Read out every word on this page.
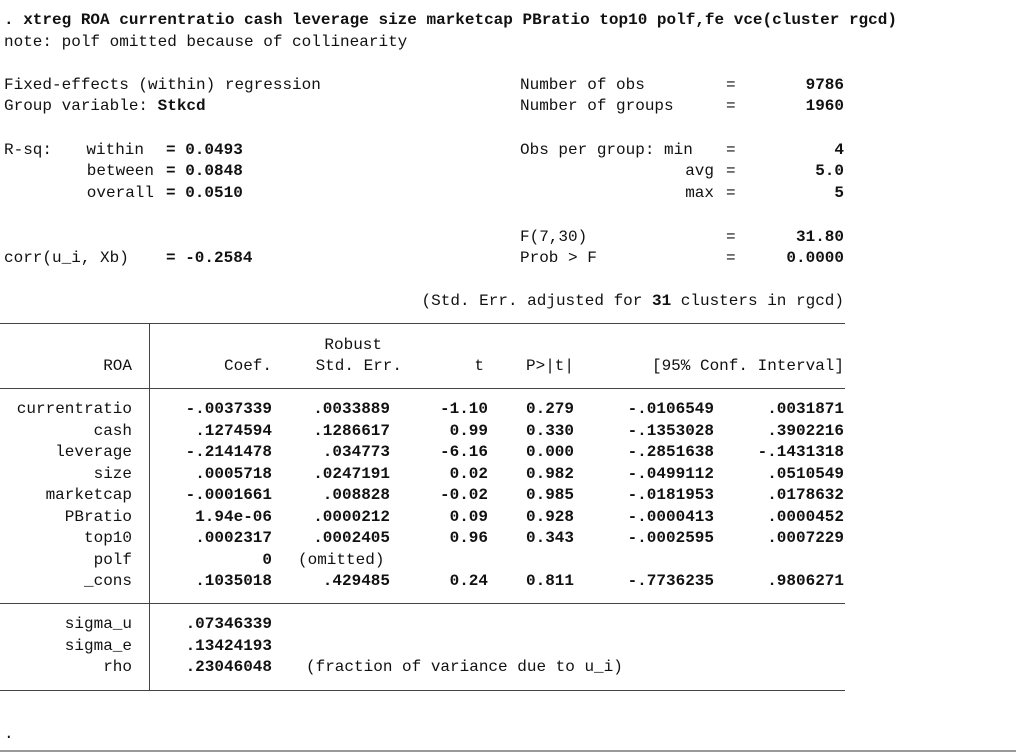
. xtreg ROA currentratio cash leverage size marketcap PBratio top10 polf,fe vce(cluster rgcd)
note: polf omitted because of collinearity
Fixed-effects (within) regression
Group variable: Stkcd
Number of obs	=	9786
Number of groups	=	1960
R-sq:	within = 0.0493
between = 0.0848
overall = 0.0510
Obs per group: min =	4
avg =	5.0
max =	5
F(7,30)	=	31.80
corr(u_i, Xb) = -0.2584	Prob > F	=	0.0000
(Std. Err. adjusted for 31 clusters in rgcd)
ROA	Coef.
Robust
Std. Err.	t	P>|t|	[95% Conf. Interval]
currentratio	-.0037339	.0033889	-1.10	0.279	-.0106549	.0031871
cash	.1274594	.1286617	0.99	0.330	-.1353028	.3902216
leverage	-.2141478	.034773	-6.16	0.000	-.2851638	-.1431318
size	.0005718	.0247191	0.02	0.982	-.0499112	.0510549
marketcap	-.0001661	.008828	-0.02	0.985	-.0181953	.0178632
PBratio	1.94e-06	.0000212	0.09	0.928	-.0000413	.0000452
top10	.0002317	.0002405	0.96	0.343	-.0002595	.0007229
polf	0 (omitted)
_cons	.1035018	.429485	0.24	0.811	-.7736235	.9806271
sigma_u	.07346339
sigma_e	.13424193
rho	.23046048 (fraction of variance due to u_i)
.
